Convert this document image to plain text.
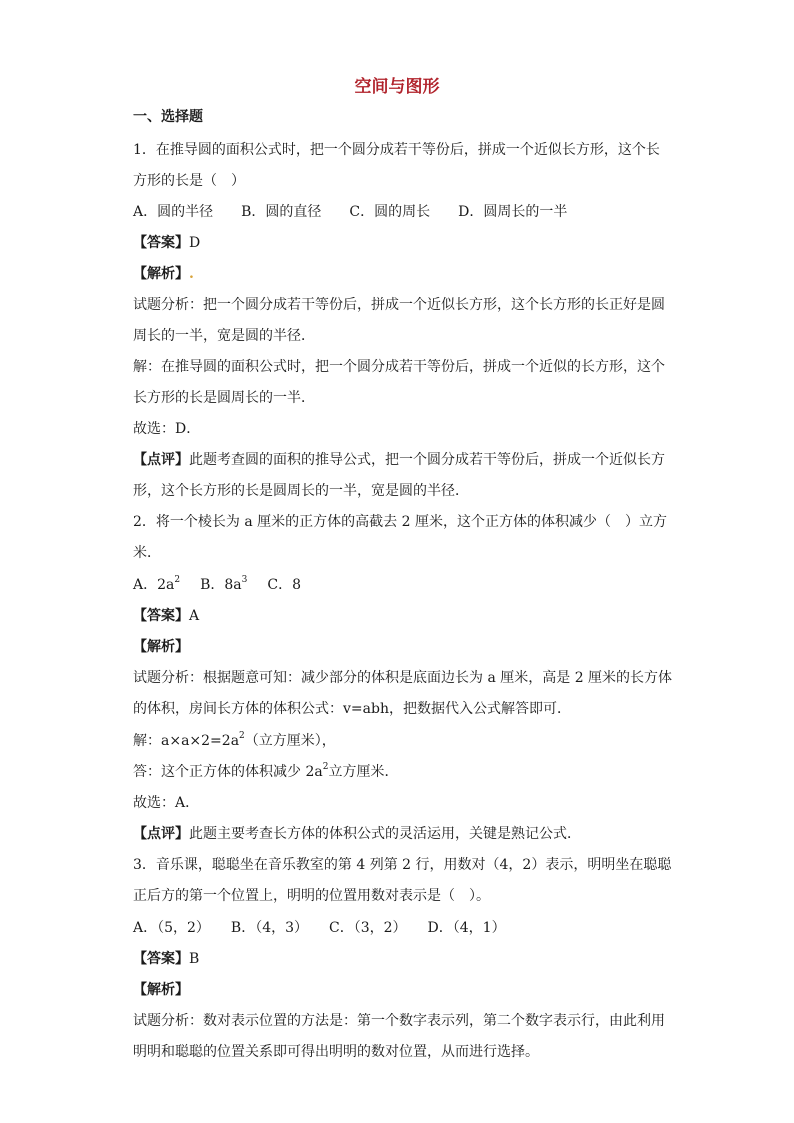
空间与图形
一、选择题
1．在推导圆的面积公式时，把一个圆分成若干等份后，拼成一个近似长方形，这个长
方形的长是（　）
A．圆的半径　　B．圆的直径　　C．圆的周长　　D．圆周长的一半
【答案】D
【解析】.
试题分析：把一个圆分成若干等份后，拼成一个近似长方形，这个长方形的长正好是圆
周长的一半，宽是圆的半径．
解：在推导圆的面积公式时，把一个圆分成若干等份后，拼成一个近似的长方形，这个
长方形的长是圆周长的一半．
故选：D．
【点评】此题考查圆的面积的推导公式，把一个圆分成若干等份后，拼成一个近似长方
形，这个长方形的长是圆周长的一半，宽是圆的半径．
2．将一个棱长为 a 厘米的正方体的高截去 2 厘米，这个正方体的体积减少（　）立方
米．
A．$2a^2$ B．$8a^3$ C．8
【答案】A
【解析】
试题分析：根据题意可知：减少部分的体积是底面边长为 a 厘米，高是 2 厘米的长方体
的体积，房间长方体的体积公式：v=abh，把数据代入公式解答即可．
解：$a\times a\times 2=2a^2$（立方厘米），
答：这个正方体的体积减少 $2a^2$立方厘米．
故选：A．
【点评】此题主要考查长方体的体积公式的灵活运用，关键是熟记公式．
3．音乐课，聪聪坐在音乐教室的第 4 列第 2 行，用数对（4，2）表示，明明坐在聪聪
正后方的第一个位置上，明明的位置用数对表示是（　）。
A．（5，2）　　B．（4，3）　　C．（3，2）　　D．（4，1）
【答案】B
【解析】
试题分析：数对表示位置的方法是：第一个数字表示列，第二个数字表示行，由此利用
明明和聪聪的位置关系即可得出明明的数对位置，从而进行选择。
